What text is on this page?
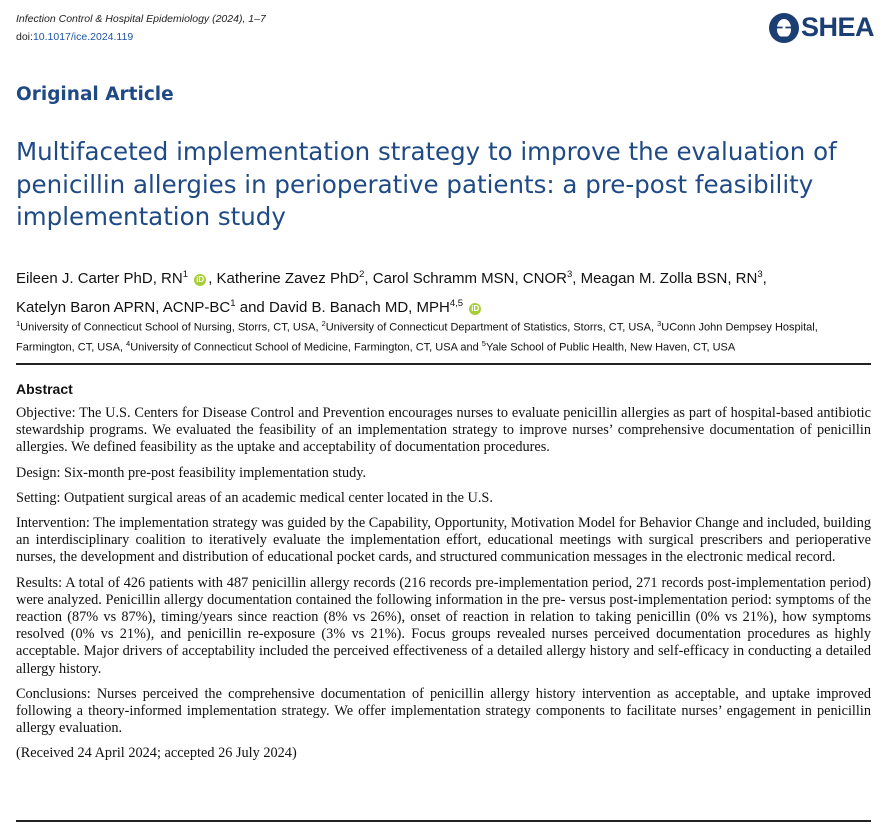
Infection Control & Hospital Epidemiology (2024), 1–7
doi:10.1017/ice.2024.119	SHEA
Original Article
Multifaceted implementation strategy to improve the evaluation of penicillin allergies in perioperative patients: a pre-post feasibility implementation study
Eileen J. Carter PhD, $RN^1$ iD , Katherine Zavez PhD$^2$, Carol Schramm MSN, CNOR$^3$, Meagan M. Zolla BSN, $RN^3$,
Katelyn Baron APRN, ACNP-$BC^1$ and David B. Banach MD, MPH$^{4,5}$ iD
$^1$University of Connecticut School of Nursing, Storrs, CT, USA, $^2$University of Connecticut Department of Statistics, Storrs, CT, USA, $^3$UConn John Dempsey Hospital, Farmington, CT, USA, $^4$University of Connecticut School of Medicine, Farmington, CT, USA and $^5$Yale School of Public Health, New Haven, CT, USA
Abstract

Objective: The U.S. Centers for Disease Control and Prevention encourages nurses to evaluate penicillin allergies as part of hospital-based antibiotic stewardship programs. We evaluated the feasibility of an implementation strategy to improve nurses’ comprehensive documentation of penicillin allergies. We defined feasibility as the uptake and acceptability of documentation procedures.

Design: Six-month pre-post feasibility implementation study.

Setting: Outpatient surgical areas of an academic medical center located in the U.S.

Intervention: The implementation strategy was guided by the Capability, Opportunity, Motivation Model for Behavior Change and included, building an interdisciplinary coalition to iteratively evaluate the implementation effort, educational meetings with surgical prescribers and perioperative nurses, the development and distribution of educational pocket cards, and structured communication messages in the electronic medical record.

Results: A total of 426 patients with 487 penicillin allergy records (216 records pre-implementation period, 271 records post-implementation period) were analyzed. Penicillin allergy documentation contained the following information in the pre- versus post-implementation period: symptoms of the reaction (87% vs 87%), timing/years since reaction (8% vs 26%), onset of reaction in relation to taking penicillin (0% vs 21%), how symptoms resolved (0% vs 21%), and penicillin re-exposure (3% vs 21%). Focus groups revealed nurses perceived documentation procedures as highly acceptable. Major drivers of acceptability included the perceived effectiveness of a detailed allergy history and self-efficacy in conducting a detailed allergy history.

Conclusions: Nurses perceived the comprehensive documentation of penicillin allergy history intervention as acceptable, and uptake improved following a theory-informed implementation strategy. We offer implementation strategy components to facilitate nurses’ engagement in penicillin allergy evaluation.

(Received 24 April 2024; accepted 26 July 2024)
